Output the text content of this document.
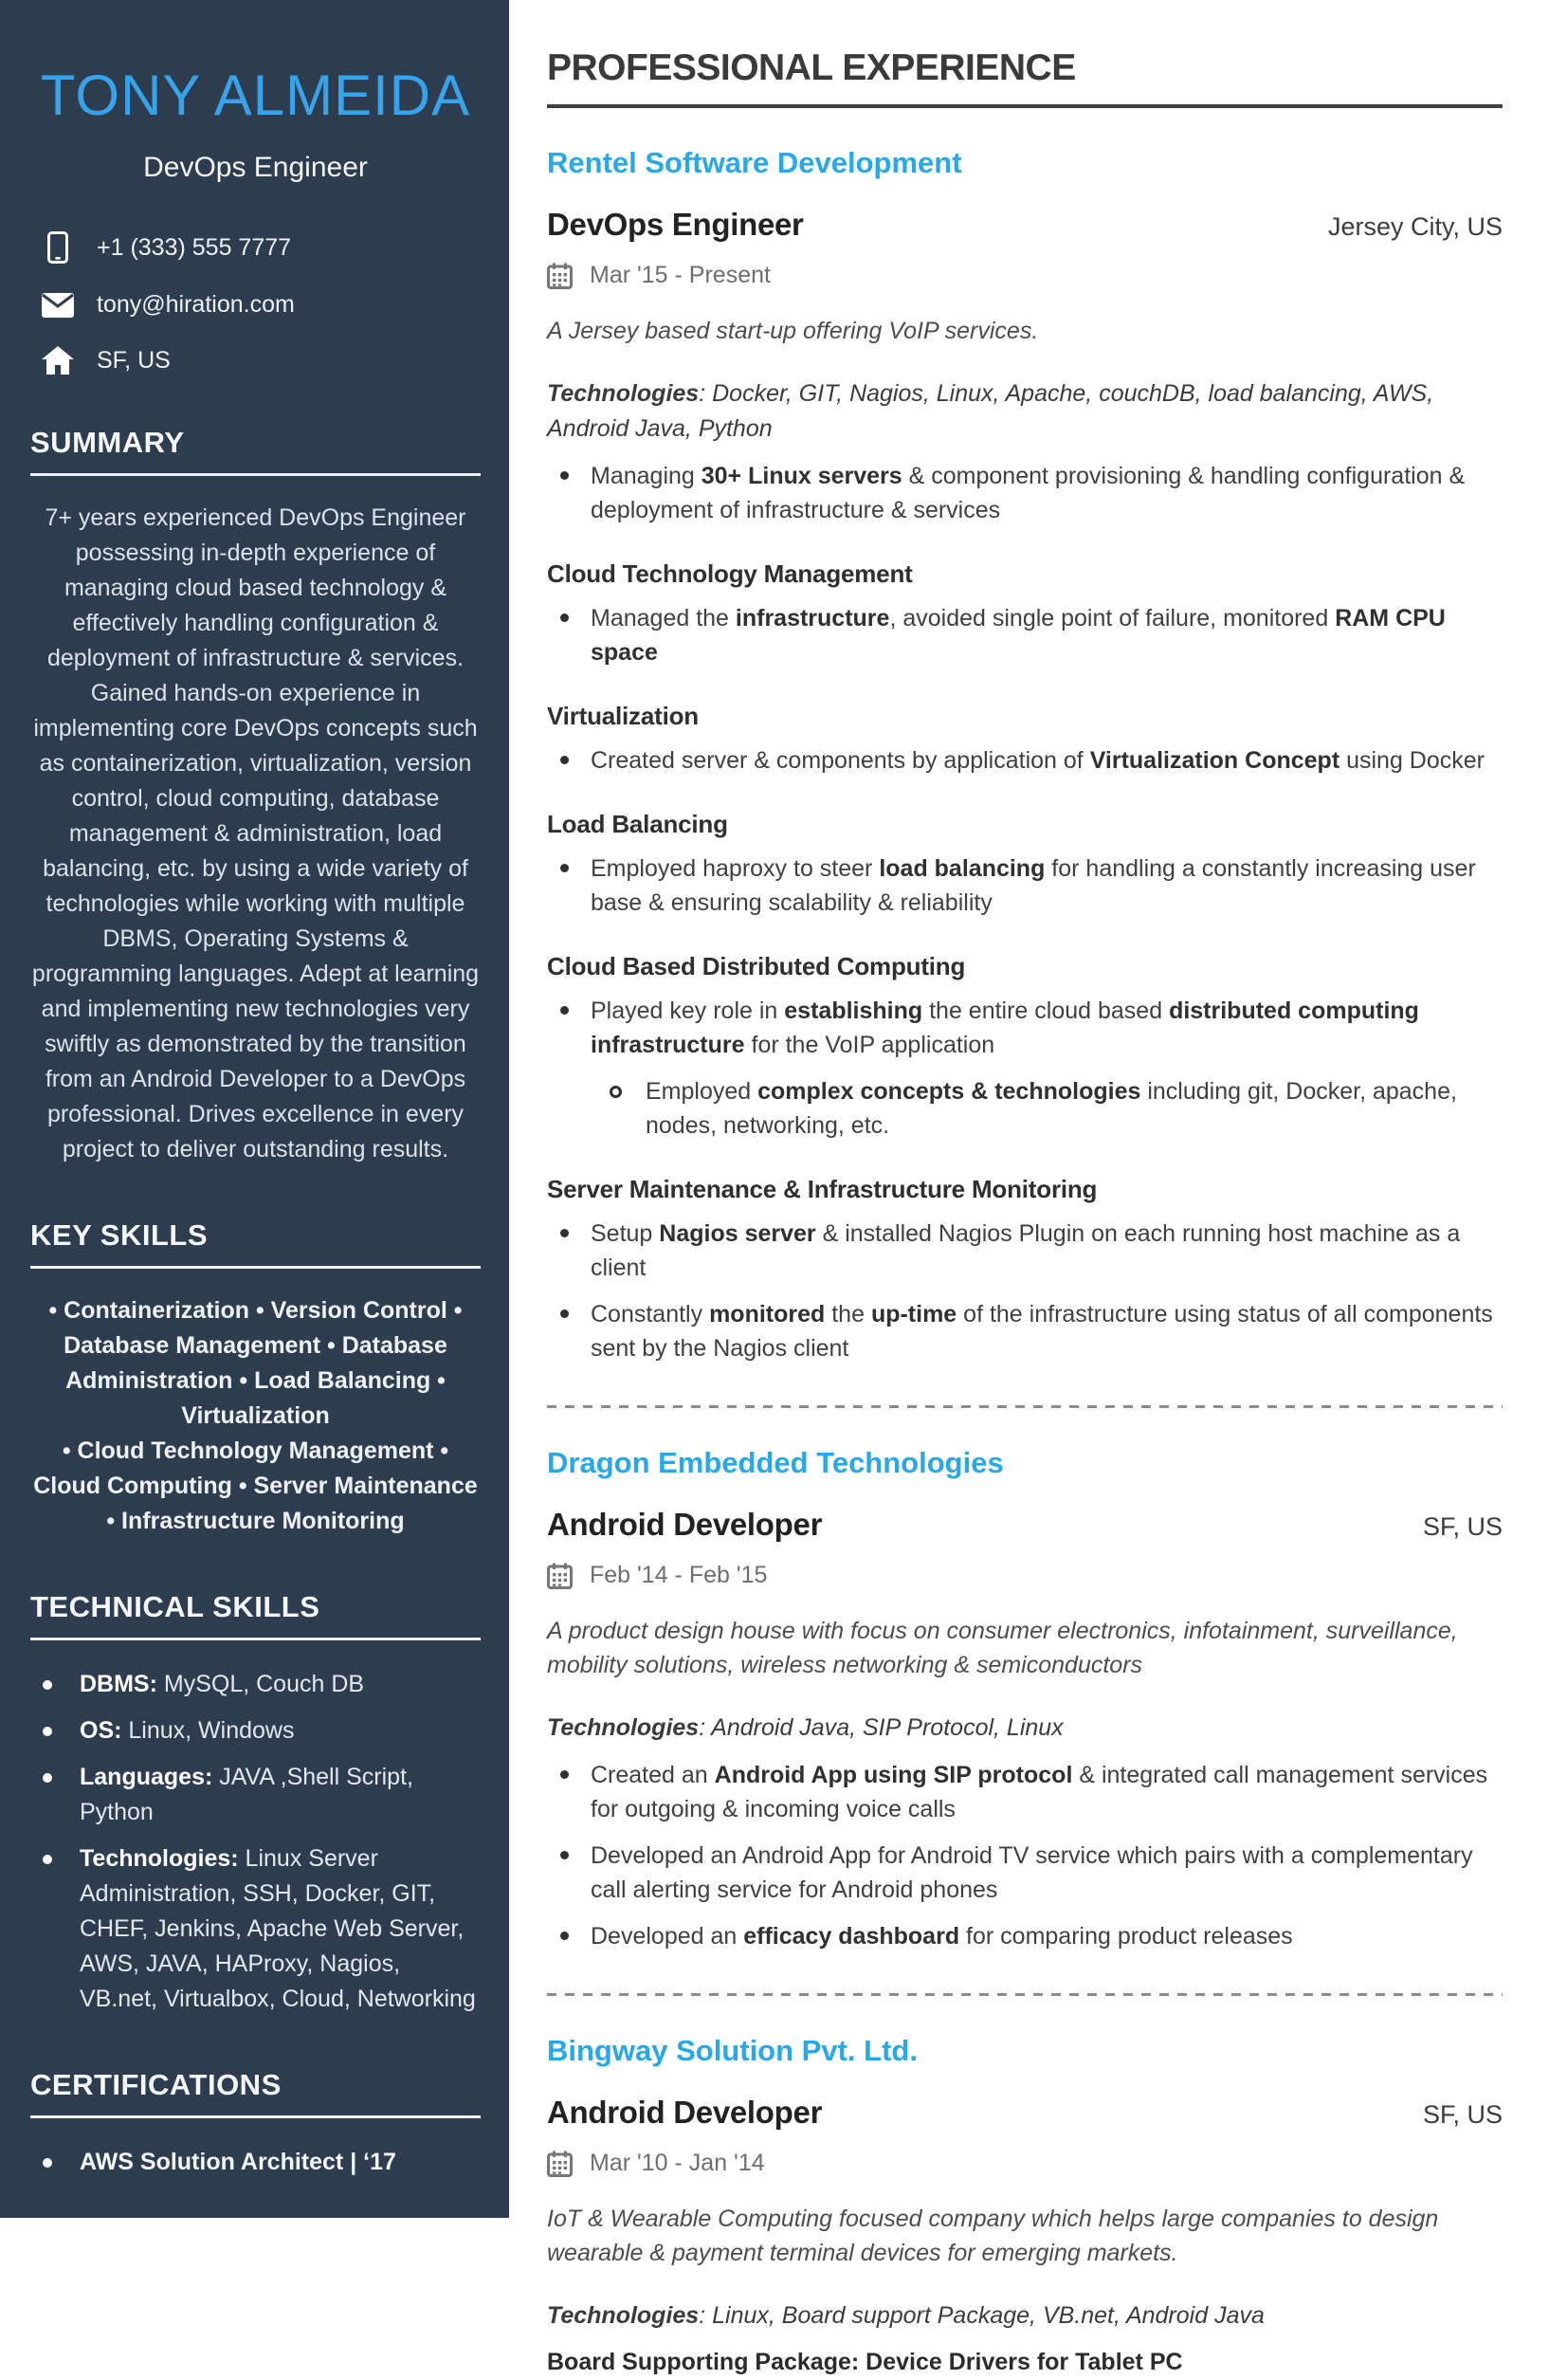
TONY ALMEIDA
DevOps Engineer
+1 (333) 555 7777
tony@hiration.com
SF, US
SUMMARY

7+ years experienced DevOps Engineer possessing in-depth experience of managing cloud based technology & effectively handling configuration & deployment of infrastructure & services. Gained hands-on experience in implementing core DevOps concepts such as containerization, virtualization, version control, cloud computing, database management & administration, load balancing, etc. by using a wide variety of technologies while working with multiple DBMS, Operating Systems & programming languages. Adept at learning and implementing new technologies very swiftly as demonstrated by the transition from an Android Developer to a DevOps professional. Drives excellence in every project to deliver outstanding results.

KEY SKILLS

• Containerization • Version Control • Database Management • Database Administration • Load Balancing • Virtualization

• Cloud Technology Management • Cloud Computing • Server Maintenance • Infrastructure Monitoring

TECHNICAL SKILLS
DBMS: MySQL, Couch DB
OS: Linux, Windows
Languages: JAVA ,Shell Script, Python
Technologies: Linux Server Administration, SSH, Docker, GIT, CHEF, Jenkins, Apache Web Server, AWS, JAVA, HAProxy, Nagios, VB.net, Virtualbox, Cloud, Networking
CERTIFICATIONS
AWS Solution Architect | ‘17
PROFESSIONAL EXPERIENCE
Rentel Software Development
DevOps Engineer	Jersey City, US
Mar '15 - Present

A Jersey based start-up offering VoIP services.

Technologies: Docker, GIT, Nagios, Linux, Apache, couchDB, load balancing, AWS, Android Java, Python

Managing 30+ Linux servers & component provisioning & handling configuration & deployment of infrastructure & services
Cloud Technology Management
Managed the infrastructure, avoided single point of failure, monitored RAM CPU space
Virtualization
Created server & components by application of Virtualization Concept using Docker
Load Balancing
Employed haproxy to steer load balancing for handling a constantly increasing user base & ensuring scalability & reliability
Cloud Based Distributed Computing
Played key role in establishing the entire cloud based distributed computing infrastructure for the VoIP application
Employed complex concepts & technologies including git, Docker, apache, nodes, networking, etc.
Server Maintenance & Infrastructure Monitoring
Setup Nagios server & installed Nagios Plugin on each running host machine as a client
Constantly monitored the up-time of the infrastructure using status of all components sent by the Nagios client
Dragon Embedded Technologies
Android Developer	SF, US
Feb '14 - Feb '15

A product design house with focus on consumer electronics, infotainment, surveillance, mobility solutions, wireless networking & semiconductors

Technologies: Android Java, SIP Protocol, Linux

Created an Android App using SIP protocol & integrated call management services for outgoing & incoming voice calls
Developed an Android App for Android TV service which pairs with a complementary call alerting service for Android phones
Developed an efficacy dashboard for comparing product releases
Bingway Solution Pvt. Ltd.
Android Developer	SF, US
Mar '10 - Jan '14

IoT & Wearable Computing focused company which helps large companies to design wearable & payment terminal devices for emerging markets.

Technologies: Linux, Board support Package, VB.net, Android Java

Board Supporting Package: Device Drivers for Tablet PC
